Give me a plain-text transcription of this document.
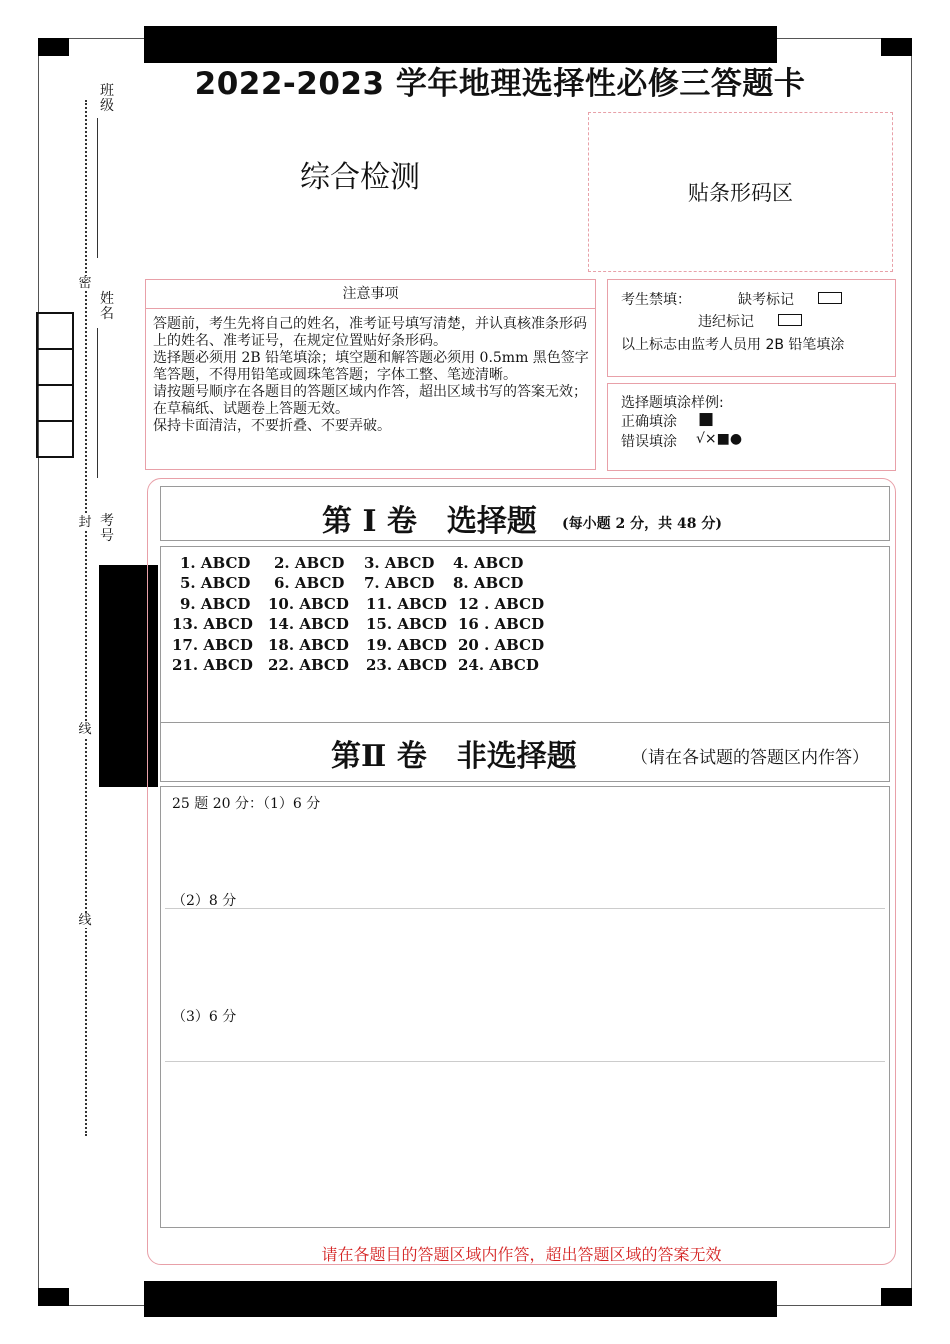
密
封
线
线
班级
姓名
考号
2022-2023 学年地理选择性必修三答题卡
综合检测	贴条形码区
注意事项

答题前，考生先将自己的姓名，准考证号填写清楚，并认真核准条形码上的姓名、准考证号，在规定位置贴好条形码。

选择题必须用 2B 铅笔填涂；填空题和解答题必须用 0.5mm 黑色签字笔答题，不得用铅笔或圆珠笔答题；字体工整、笔迹清晰。

请按题号顺序在各题目的答题区域内作答，超出区域书写的答案无效；在草稿纸、试题卷上答题无效。

保持卡面清洁，不要折叠、不要弄破。

考生禁填：	缺考标记
违纪标记
以上标志由监考人员用 2B 铅笔填涂
选择题填涂样例:
正确填涂 ■
错误填涂 √×■●
第 I 卷　选择题 (每小题 2 分，共 48 分)
1. ABCD	2. ABCD	3. ABCD	4. ABCD
5. ABCD	6. ABCD	7. ABCD	8. ABCD
9. ABCD	10. ABCD	11. ABCD 12 . ABCD
13. ABCD	14. ABCD	15. ABCD 16 . ABCD
17. ABCD	18. ABCD	19. ABCD 20 . ABCD
21. ABCD	22. ABCD	23. ABCD 24. ABCD
第Ⅱ 卷　非选择题	（请在各试题的答题区内作答）
25 题 20 分：（1）6 分
（2）8 分
（3）6 分
请在各题目的答题区域内作答，超出答题区域的答案无效
